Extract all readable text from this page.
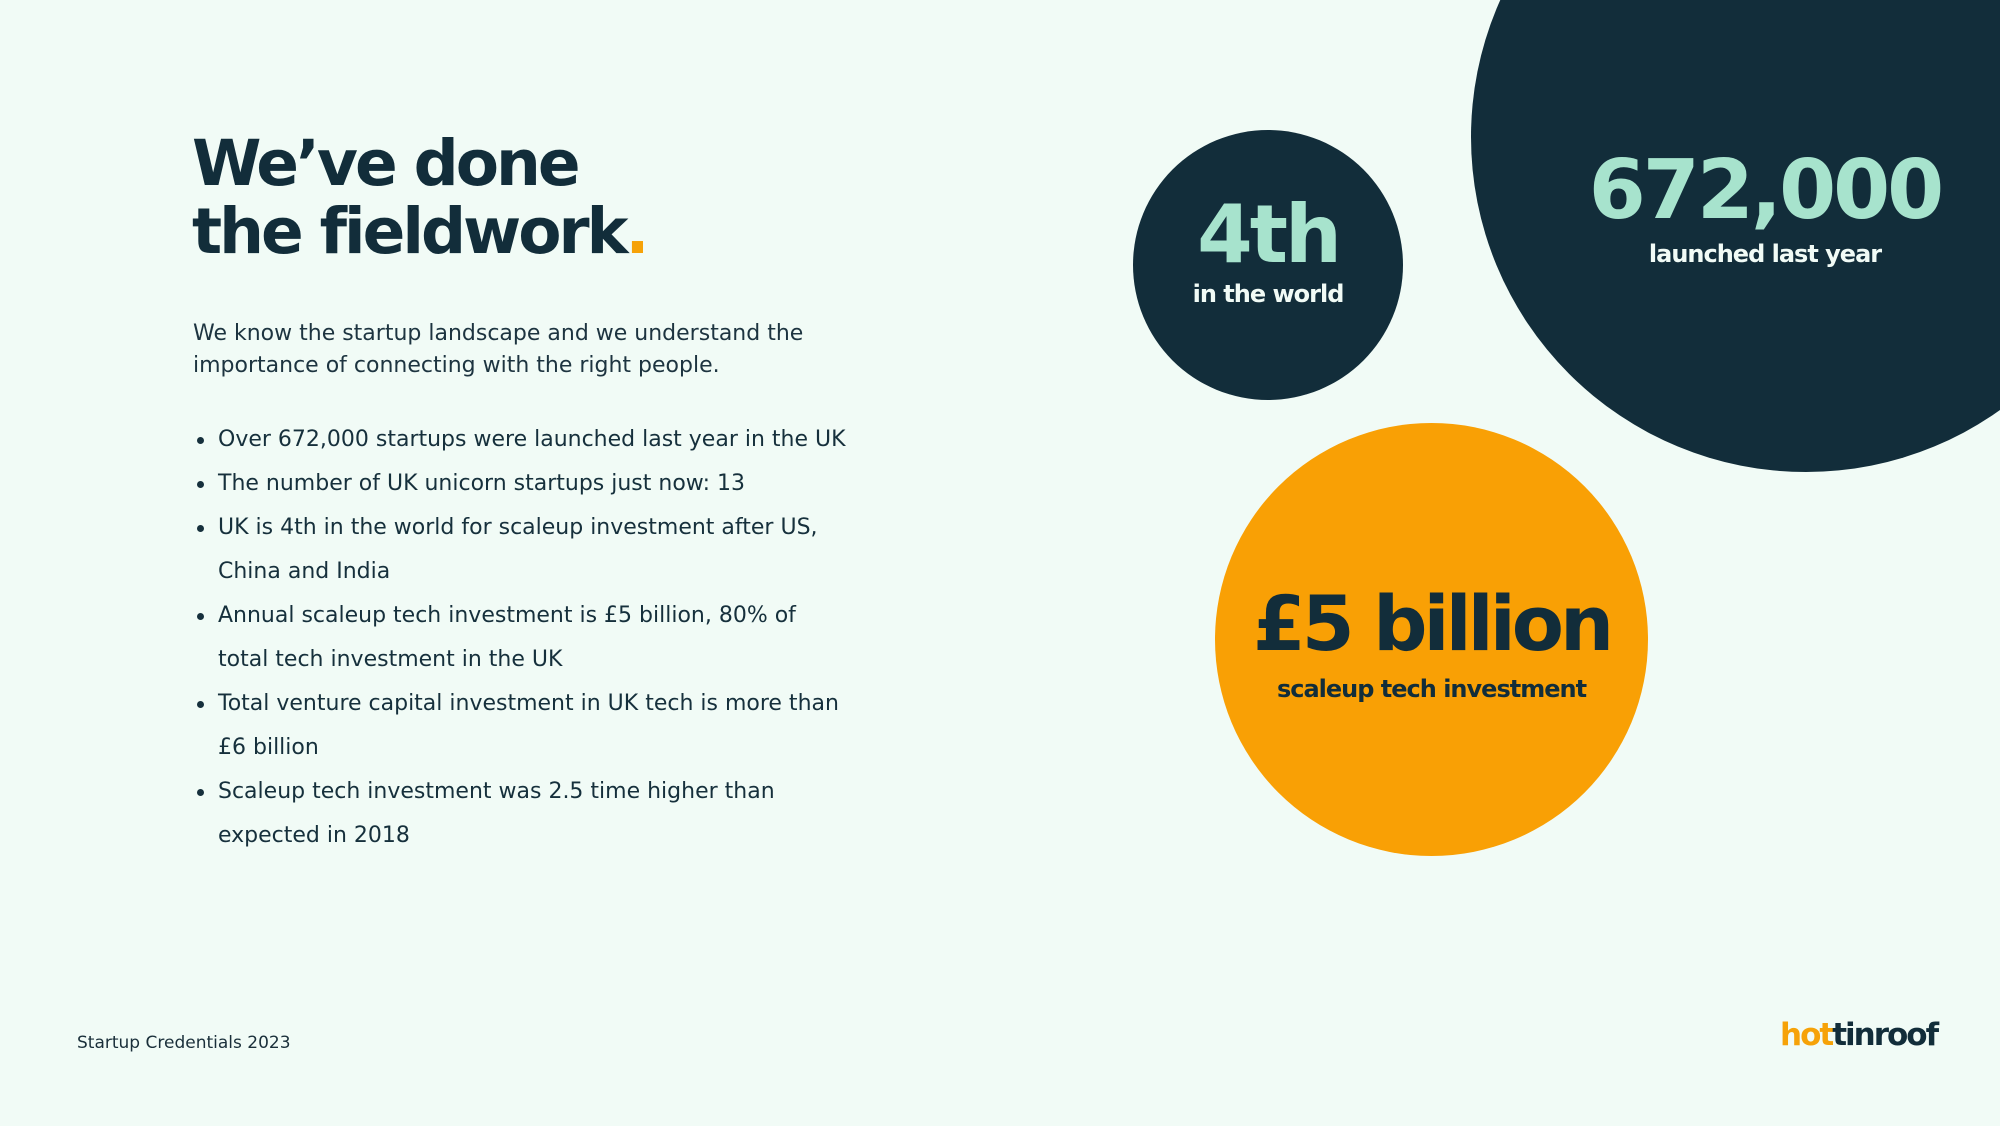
We’ve done
the fieldwork.

We know the startup landscape and we understand the importance of connecting with the right people.

Over 672,000 startups were launched last year in the UK
The number of UK unicorn startups just now: 13
UK is 4th in the world for scaleup investment after US, China and India
Annual scaleup tech investment is £5 billion, 80% of total tech investment in the UK
Total venture capital investment in UK tech is more than £6 billion
Scaleup tech investment was 2.5 time higher than expected in 2018
4th
in the world
672,000
launched last year
£5 billion
scaleup tech investment
Startup Credentials 2023	hottinroof
